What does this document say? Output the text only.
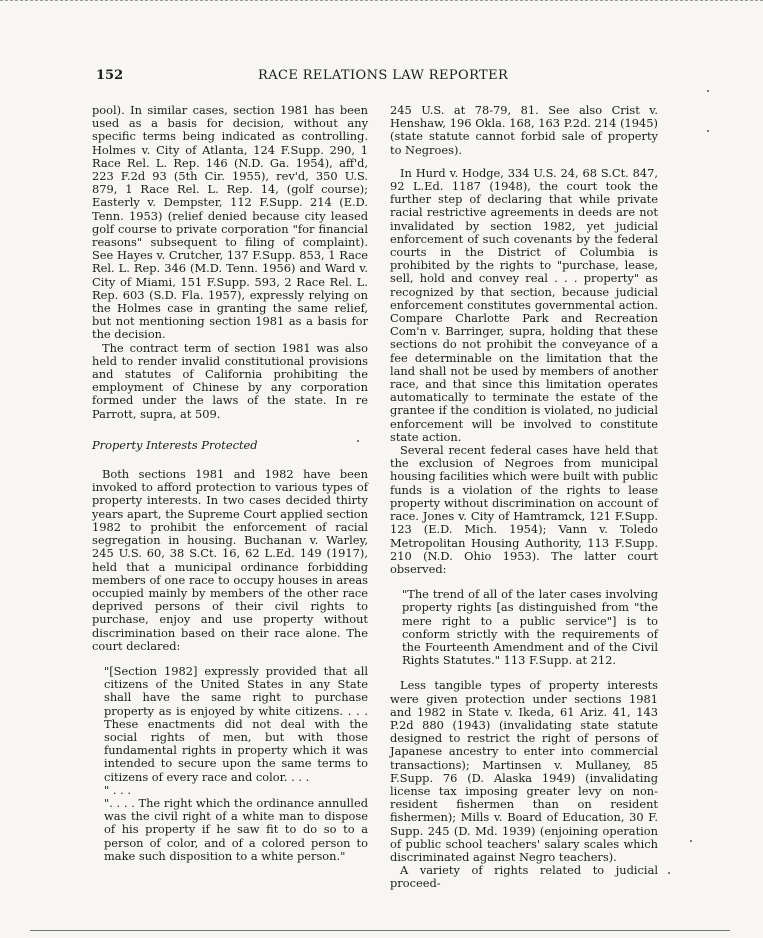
152	RACE RELATIONS LAW REPORTER

pool). In similar cases, section 1981 has been used as a basis for decision, without any specific terms being indicated as controlling. Holmes v. City of Atlanta, 124 F.Supp. 290, 1 Race Rel. L. Rep. 146 (N.D. Ga. 1954), aff'd, 223 F.2d 93 (5th Cir. 1955), rev'd, 350 U.S. 879, 1 Race Rel. L. Rep. 14, (golf course); Easterly v. Dempster, 112 F.Supp. 214 (E.D. Tenn. 1953) (relief denied because city leased golf course to private corporation "for financial reasons" subsequent to filing of complaint). See Hayes v. Crutcher, 137 F.Supp. 853, 1 Race Rel. L. Rep. 346 (M.D. Tenn. 1956) and Ward v. City of Miami, 151 F.Supp. 593, 2 Race Rel. L. Rep. 603 (S.D. Fla. 1957), expressly relying on the Holmes case in granting the same relief, but not mentioning section 1981 as a basis for the decision.

The contract term of section 1981 was also held to render invalid constitutional provisions and statutes of California prohibiting the employment of Chinese by any corporation formed under the laws of the state. In re Parrott, supra, at 509.

Property Interests Protected

Both sections 1981 and 1982 have been invoked to afford protection to various types of property interests. In two cases decided thirty years apart, the Supreme Court applied section 1982 to prohibit the enforcement of racial segregation in housing. Buchanan v. Warley, 245 U.S. 60, 38 S.Ct. 16, 62 L.Ed. 149 (1917), held that a municipal ordinance forbidding members of one race to occupy houses in areas occupied mainly by members of the other race deprived persons of their civil rights to purchase, enjoy and use property without discrimination based on their race alone. The court declared:

"[Section 1982] expressly provided that all citizens of the United States in any State shall have the same right to purchase property as is enjoyed by white citizens. . . . These enactments did not deal with the social rights of men, but with those fundamental rights in property which it was intended to secure upon the same terms to citizens of every race and color. . . .

" . . .

". . . . The right which the ordinance annulled was the civil right of a white man to dispose of his property if he saw fit to do so to a person of color, and of a colored person to make such disposition to a white person."

245 U.S. at 78-79, 81. See also Crist v. Henshaw, 196 Okla. 168, 163 P.2d. 214 (1945) (state statute cannot forbid sale of property to Negroes).

In Hurd v. Hodge, 334 U.S. 24, 68 S.Ct. 847, 92 L.Ed. 1187 (1948), the court took the further step of declaring that while private racial restrictive agreements in deeds are not invalidated by section 1982, yet judicial enforcement of such covenants by the federal courts in the District of Columbia is prohibited by the rights to "purchase, lease, sell, hold and convey real . . . property" as recognized by that section, because judicial enforcement constitutes governmental action. Compare Charlotte Park and Recreation Com'n v. Barringer, supra, holding that these sections do not prohibit the conveyance of a fee determinable on the limitation that the land shall not be used by members of another race, and that since this limitation operates automatically to terminate the estate of the grantee if the condition is violated, no judicial enforcement will be involved to constitute state action.

Several recent federal cases have held that the exclusion of Negroes from municipal housing facilities which were built with public funds is a violation of the rights to lease property without discrimination on account of race. Jones v. City of Hamtramck, 121 F.Supp. 123 (E.D. Mich. 1954); Vann v. Toledo Metropolitan Housing Authority, 113 F.Supp. 210 (N.D. Ohio 1953). The latter court observed:

"The trend of all of the later cases involving property rights [as distinguished from "the mere right to a public service"] is to conform strictly with the requirements of the Fourteenth Amendment and of the Civil Rights Statutes." 113 F.Supp. at 212.

Less tangible types of property interests were given protection under sections 1981 and 1982 in State v. Ikeda, 61 Ariz. 41, 143 P.2d 880 (1943) (invalidating state statute designed to restrict the right of persons of Japanese ancestry to enter into commercial transactions); Martinsen v. Mullaney, 85 F.Supp. 76 (D. Alaska 1949) (invalidating license tax imposing greater levy on non-resident fishermen than on resident fishermen); Mills v. Board of Education, 30 F. Supp. 245 (D. Md. 1939) (enjoining operation of public school teachers' salary scales which discriminated against Negro teachers).

A variety of rights related to judicial proceed-
